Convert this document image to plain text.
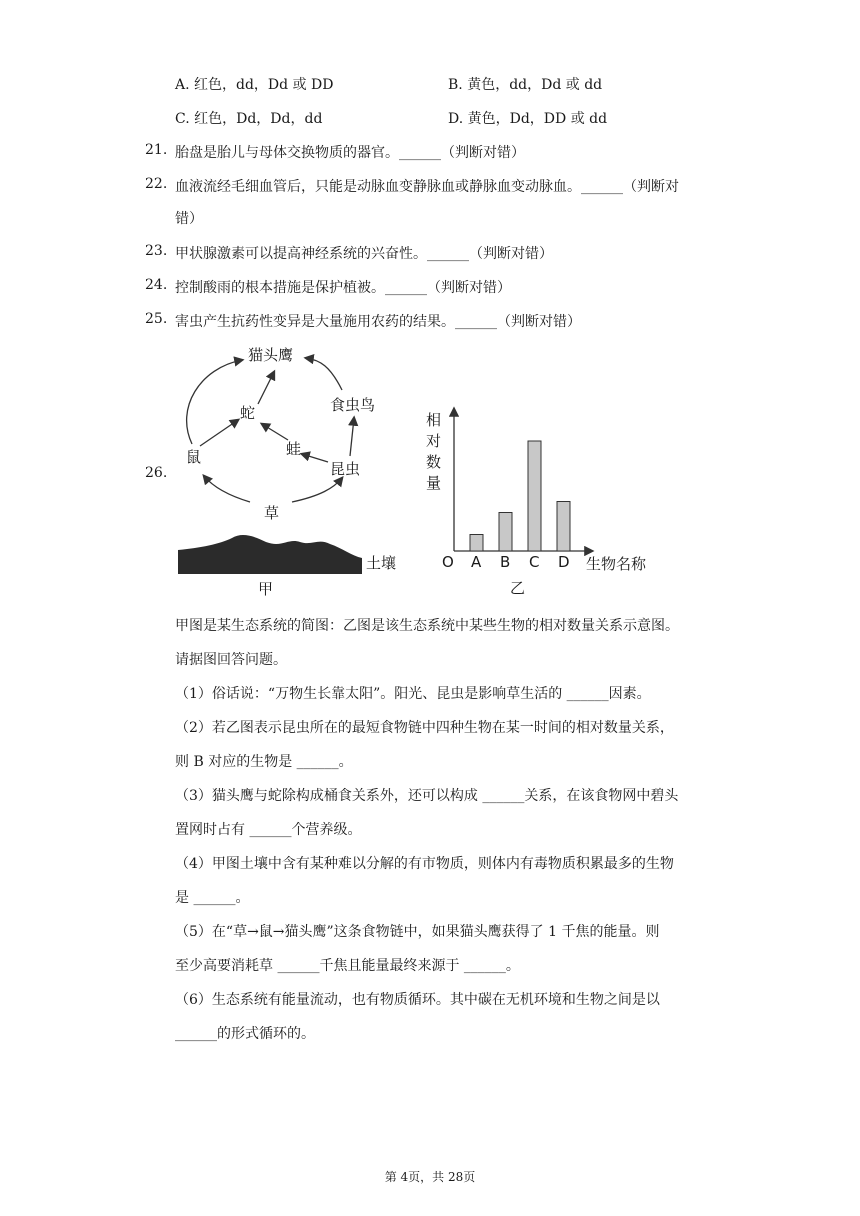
A. 红色，dd，Dd 或 DD	B. 黄色，dd，Dd 或 dd
C. 红色，Dd，Dd，dd	D. 黄色，Dd，DD 或 dd
21. 胎盘是胎儿与母体交换物质的器官。______（判断对错）
22. 血液流经毛细血管后，只能是动脉血变静脉血或静脉血变动脉血。______（判断对
错）
23. 甲状腺激素可以提高神经系统的兴奋性。______（判断对错）
24. 控制酸雨的根本措施是保护植被。______（判断对错）
25. 害虫产生抗药性变异是大量施用农药的结果。______（判断对错）
26.
猫头鹰
食虫鸟
蛇
蛙
鼠
昆虫
草
土壤
甲
相
对
数
量
O A B C D 生物名称
乙
甲图是某生态系统的简图：乙图是该生态系统中某些生物的相对数量关系示意图。
请据图回答问题。
（1）俗话说：“万物生长靠太阳”。阳光、昆虫是影响草生活的 ______因素。
（2）若乙图表示昆虫所在的最短食物链中四种生物在某一时间的相对数量关系，
则 B 对应的生物是 ______。
（3）猫头鹰与蛇除构成桶食关系外，还可以构成 ______关系，在该食物网中碧头
置网时占有 ______个营养级。
（4）甲图土壤中含有某种难以分解的有市物质，则体内有毒物质积累最多的生物
是 ______。
（5）在“草→鼠→猫头鹰”这条食物链中，如果猫头鹰获得了 1 千焦的能量。则
至少高要消耗草 ______千焦且能量最终来源于 ______。
（6）生态系统有能量流动，也有物质循环。其中碳在无机环境和生物之间是以
______的形式循环的。
第 4页，共 28页
